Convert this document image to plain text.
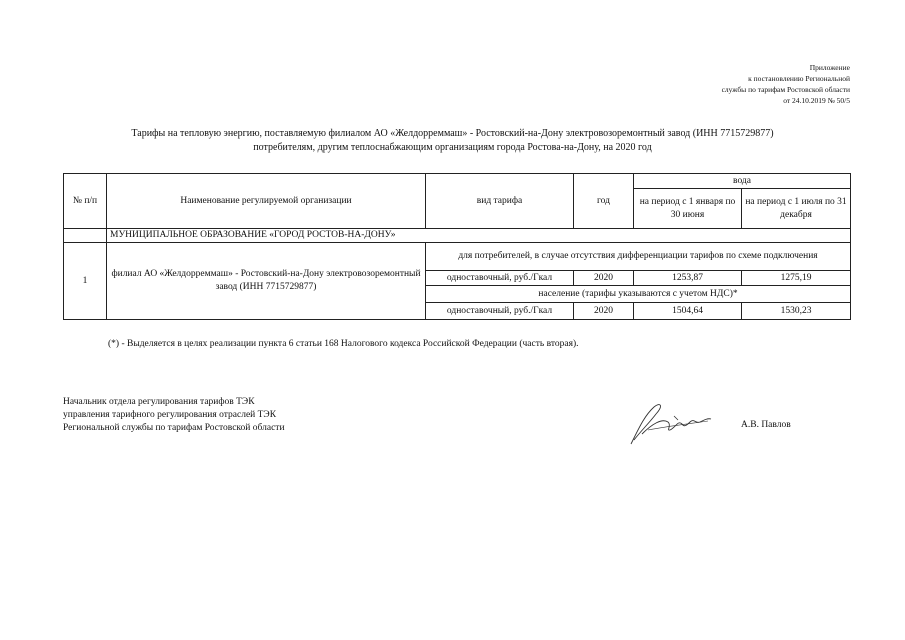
Приложение
к постановлению Региональной
службы по тарифам Ростовской области
от 24.10.2019 № 50/5
Тарифы на тепловую энергию, поставляемую филиалом АО «Желдорреммаш» - Ростовский-на-Дону электровозоремонтный завод (ИНН 7715729877)
потребителям, другим теплоснабжающим организациям города Ростова-на-Дону, на 2020 год
№ п/п	Наименование регулируемой организации	вид тарифа	год	вода	
				на период с 1 января по 30 июня	на период с 1 июля по 31 декабря
	МУНИЦИПАЛЬНОЕ ОБРАЗОВАНИЕ «ГОРОД РОСТОВ-НА-ДОНУ»				
1	филиал АО «Желдорреммаш» - Ростовский-на-Дону электровозоремонтный завод (ИНН 7715729877)	для потребителей, в случае отсутствия дифференциации тарифов по схеме подключения			
		одноставочный, руб./Гкал	2020	1253,87	1275,19
		население (тарифы указываются с учетом НДС)*			
		одноставочный, руб./Гкал	2020	1504,64	1530,23
(*) - Выделяется в целях реализации пункта 6 статьи 168 Налогового кодекса Российской Федерации (часть вторая).
Начальник отдела регулирования тарифов ТЭК
управления тарифного регулирования отраслей ТЭК
Региональной службы по тарифам Ростовской области	А.В. Павлов
